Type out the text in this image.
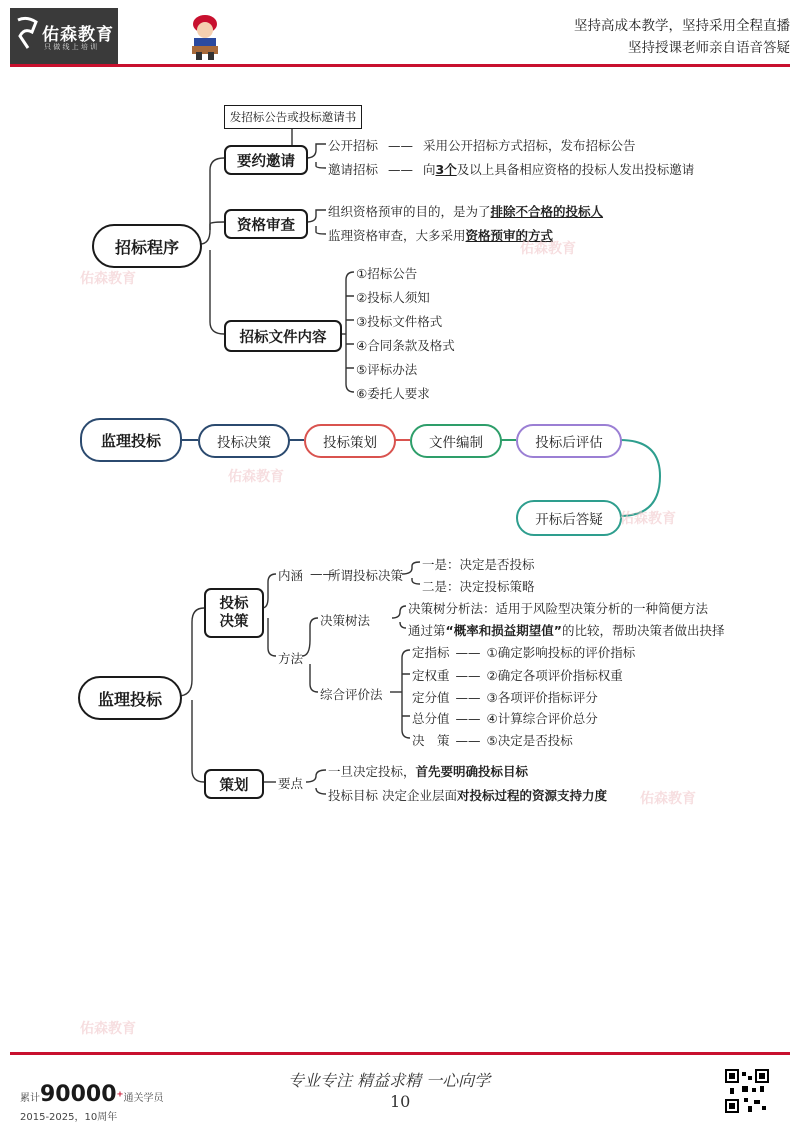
佑森教育
只 做 线 上 培 训
坚持高成本教学，坚持采用全程直播
坚持授课老师亲自语音答疑
招标程序
发招标公告或投标邀请书
要约邀请
公开招标 —— 采用公开招标方式招标，发布招标公告
邀请招标 —— 向3个及以上具备相应资格的投标人发出投标邀请
资格审查
组织资格预审的目的，是为了排除不合格的投标人
监理资格审查，大多采用资格预审的方式
招标文件内容
①招标公告
②投标人须知
③投标文件格式
④合同条款及格式
⑤评标办法
⑥委托人要求
监理投标	投标决策	投标策划	文件编制	投标后评估
开标后答疑
监理投标
投标决策
内涵 ——
所谓投标决策
一是：决定是否投标
二是：决定投标策略
方法
决策树法
决策树分析法：适用于风险型决策分析的一种简便方法
通过第“概率和损益期望值”的比较，帮助决策者做出抉择
综合评价法
定指标 —— ①确定影响投标的评价指标
定权重 —— ②确定各项评价指标权重
定分值 —— ③各项评价指标评分
总分值 —— ④计算综合评价总分
决　策 —— ⑤决定是否投标
策划	要点
一旦决定投标，首先要明确投标目标
投标目标 决定企业层面对投标过程的资源支持力度
佑森教育
佑森教育
佑森教育
佑森教育
佑森教育
佑森教育
累计90000+通关学员
2015-2025，10周年
专业专注 精益求精 一心向学
10
